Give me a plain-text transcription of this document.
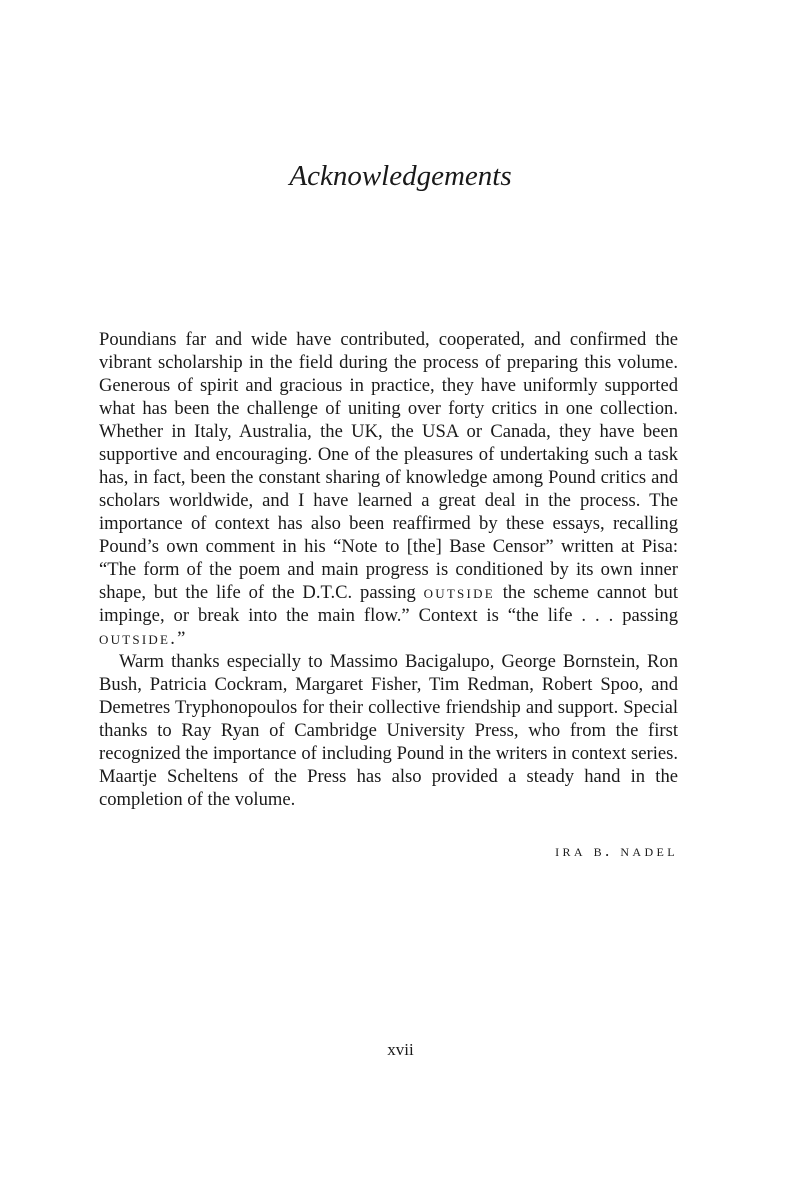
Acknowledgements

Poundians far and wide have contributed, cooperated, and confirmed the vibrant scholarship in the field during the process of preparing this volume. Generous of spirit and gracious in practice, they have uniformly supported what has been the challenge of uniting over forty critics in one collection. Whether in Italy, Australia, the UK, the USA or Canada, they have been supportive and encouraging. One of the pleasures of undertaking such a task has, in fact, been the constant sharing of knowledge among Pound critics and scholars worldwide, and I have learned a great deal in the process. The importance of context has also been reaffirmed by these essays, recalling Pound’s own comment in his “Note to [the] Base Censor” written at Pisa: “The form of the poem and main progress is conditioned by its own inner shape, but the life of the D.T.C. passing outside the scheme cannot but impinge, or break into the main flow.” Context is “the life . . . passing outside.”

Warm thanks especially to Massimo Bacigalupo, George Bornstein, Ron Bush, Patricia Cockram, Margaret Fisher, Tim Redman, Robert Spoo, and Demetres Tryphonopoulos for their collective friendship and support. Special thanks to Ray Ryan of Cambridge University Press, who from the first recognized the importance of including Pound in the writers in context series. Maartje Scheltens of the Press has also provided a steady hand in the completion of the volume.

ira b. nadel
xvii
